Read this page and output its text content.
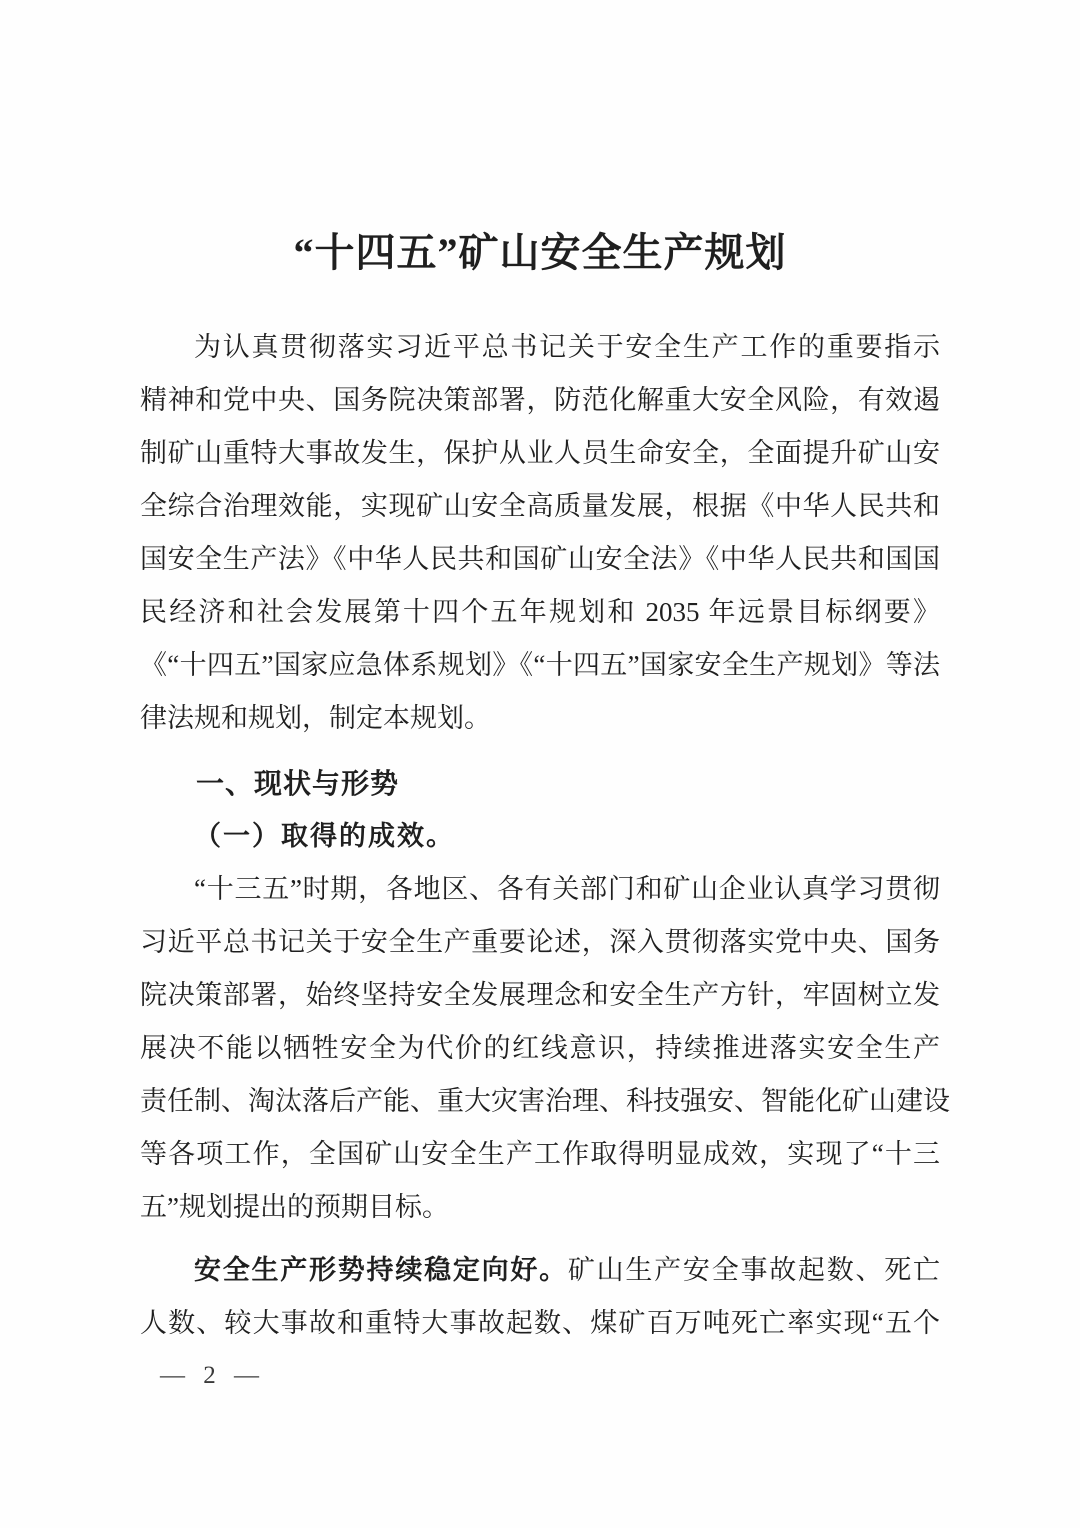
“十四五”矿山安全生产规划
为认真贯彻落实习近平总书记关于安全生产工作的重要指示
精神和党中央、国务院决策部署，防范化解重大安全风险，有效遏
制矿山重特大事故发生，保护从业人员生命安全，全面提升矿山安
全综合治理效能，实现矿山安全高质量发展，根据《中华人民共和
国安全生产法》《中华人民共和国矿山安全法》《中华人民共和国国
民经济和社会发展第十四个五年规划和 2035 年远景目标纲要》
《“十四五”国家应急体系规划》《“十四五”国家安全生产规划》等法
律法规和规划，制定本规划。
一、现状与形势
（一）取得的成效。
“十三五”时期，各地区、各有关部门和矿山企业认真学习贯彻
习近平总书记关于安全生产重要论述，深入贯彻落实党中央、国务
院决策部署，始终坚持安全发展理念和安全生产方针，牢固树立发
展决不能以牺牲安全为代价的红线意识，持续推进落实安全生产
责任制、淘汰落后产能、重大灾害治理、科技强安、智能化矿山建设
等各项工作，全国矿山安全生产工作取得明显成效，实现了“十三
五”规划提出的预期目标。
安全生产形势持续稳定向好。矿山生产安全事故起数、死亡
人数、较大事故和重特大事故起数、煤矿百万吨死亡率实现“五个
— 2 —
